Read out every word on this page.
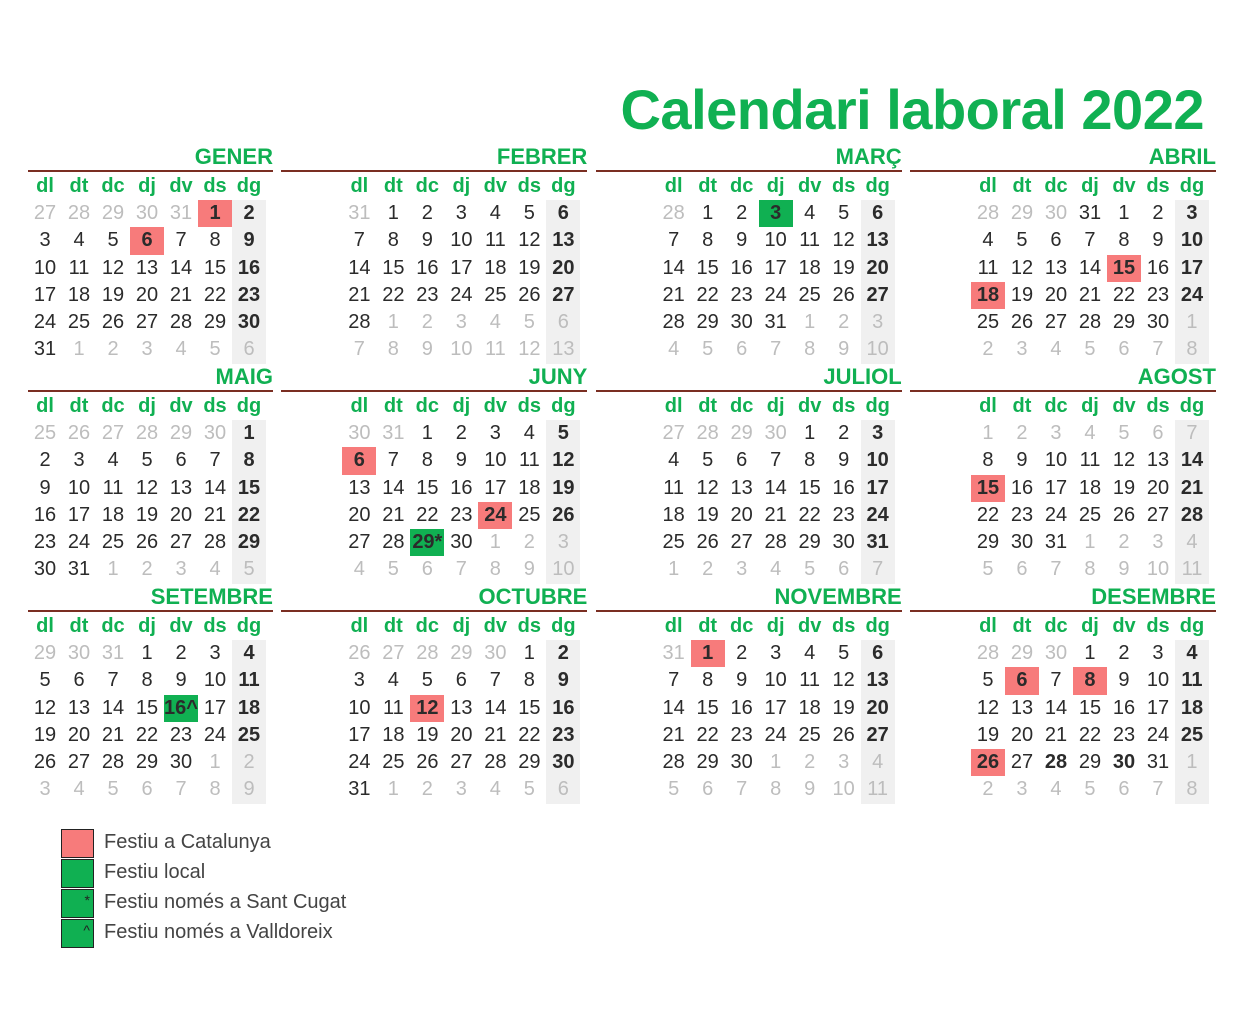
Calendari laboral 2022
GENER
dl dt dc dj dv ds dg
27 28 29 30 31 1	2
3	4	5	6	7	8	9
10 11 12 13 14 15 16
17 18 19 20 21 22 23
24 25 26 27 28 29 30
31 1	2	3	4	5	6
FEBRER
dl dt dc dj dv ds dg
31 1	2	3	4	5	6
7	8	9 10 11 12 13
14 15 16 17 18 19 20
21 22 23 24 25 26 27
28 1	2	3	4	5	6
7	8	9 10 11 12 13
MARÇ
dl dt dc dj dv ds dg
28 1	2	3	4	5	6
7	8	9 10 11 12 13
14 15 16 17 18 19 20
21 22 23 24 25 26 27
28 29 30 31 1	2	3
4	5	6	7	8	9 10
ABRIL
dl dt dc dj dv ds dg
28 29 30 31 1	2	3
4	5	6	7	8	9 10
11 12 13 14 15 16 17
18 19 20 21 22 23 24
25 26 27 28 29 30 1
2	3	4	5	6	7	8
MAIG
dl dt dc dj dv ds dg
25 26 27 28 29 30 1
2	3	4	5	6	7	8
9 10 11 12 13 14 15
16 17 18 19 20 21 22
23 24 25 26 27 28 29
30 31 1	2	3	4	5
JUNY
dl dt dc dj dv ds dg
30 31 1	2	3	4	5
6	7	8	9 10 11 12
13 14 15 16 17 18 19
20 21 22 23 24 25 26
27 28 29* 30 1	2	3
4	5	6	7	8	9 10
JULIOL
dl dt dc dj dv ds dg
27 28 29 30 1	2	3
4	5	6	7	8	9 10
11 12 13 14 15 16 17
18 19 20 21 22 23 24
25 26 27 28 29 30 31
1	2	3	4	5	6	7
AGOST
dl dt dc dj dv ds dg
1	2	3	4	5	6	7
8	9 10 11 12 13 14
15 16 17 18 19 20 21
22 23 24 25 26 27 28
29 30 31 1	2	3	4
5	6	7	8	9 10 11
SETEMBRE
dl dt dc dj dv ds dg
29 30 31 1	2	3	4
5	6	7	8	9 10 11
12 13 14 15 16^ 17 18
19 20 21 22 23 24 25
26 27 28 29 30 1	2
3	4	5	6	7	8	9
OCTUBRE
dl dt dc dj dv ds dg
26 27 28 29 30 1	2
3	4	5	6	7	8	9
10 11 12 13 14 15 16
17 18 19 20 21 22 23
24 25 26 27 28 29 30
31 1	2	3	4	5	6
NOVEMBRE
dl dt dc dj dv ds dg
31 1	2	3	4	5	6
7	8	9 10 11 12 13
14 15 16 17 18 19 20
21 22 23 24 25 26 27
28 29 30 1	2	3	4
5	6	7	8	9 10 11
DESEMBRE
dl dt dc dj dv ds dg
28 29 30 1	2	3	4
5	6	7	8	9 10 11
12 13 14 15 16 17 18
19 20 21 22 23 24 25
26 27 28 29 30 31 1
2	3	4	5	6	7	8
Festiu a Catalunya
Festiu local
* Festiu només a Sant Cugat
^ Festiu només a Valldoreix
